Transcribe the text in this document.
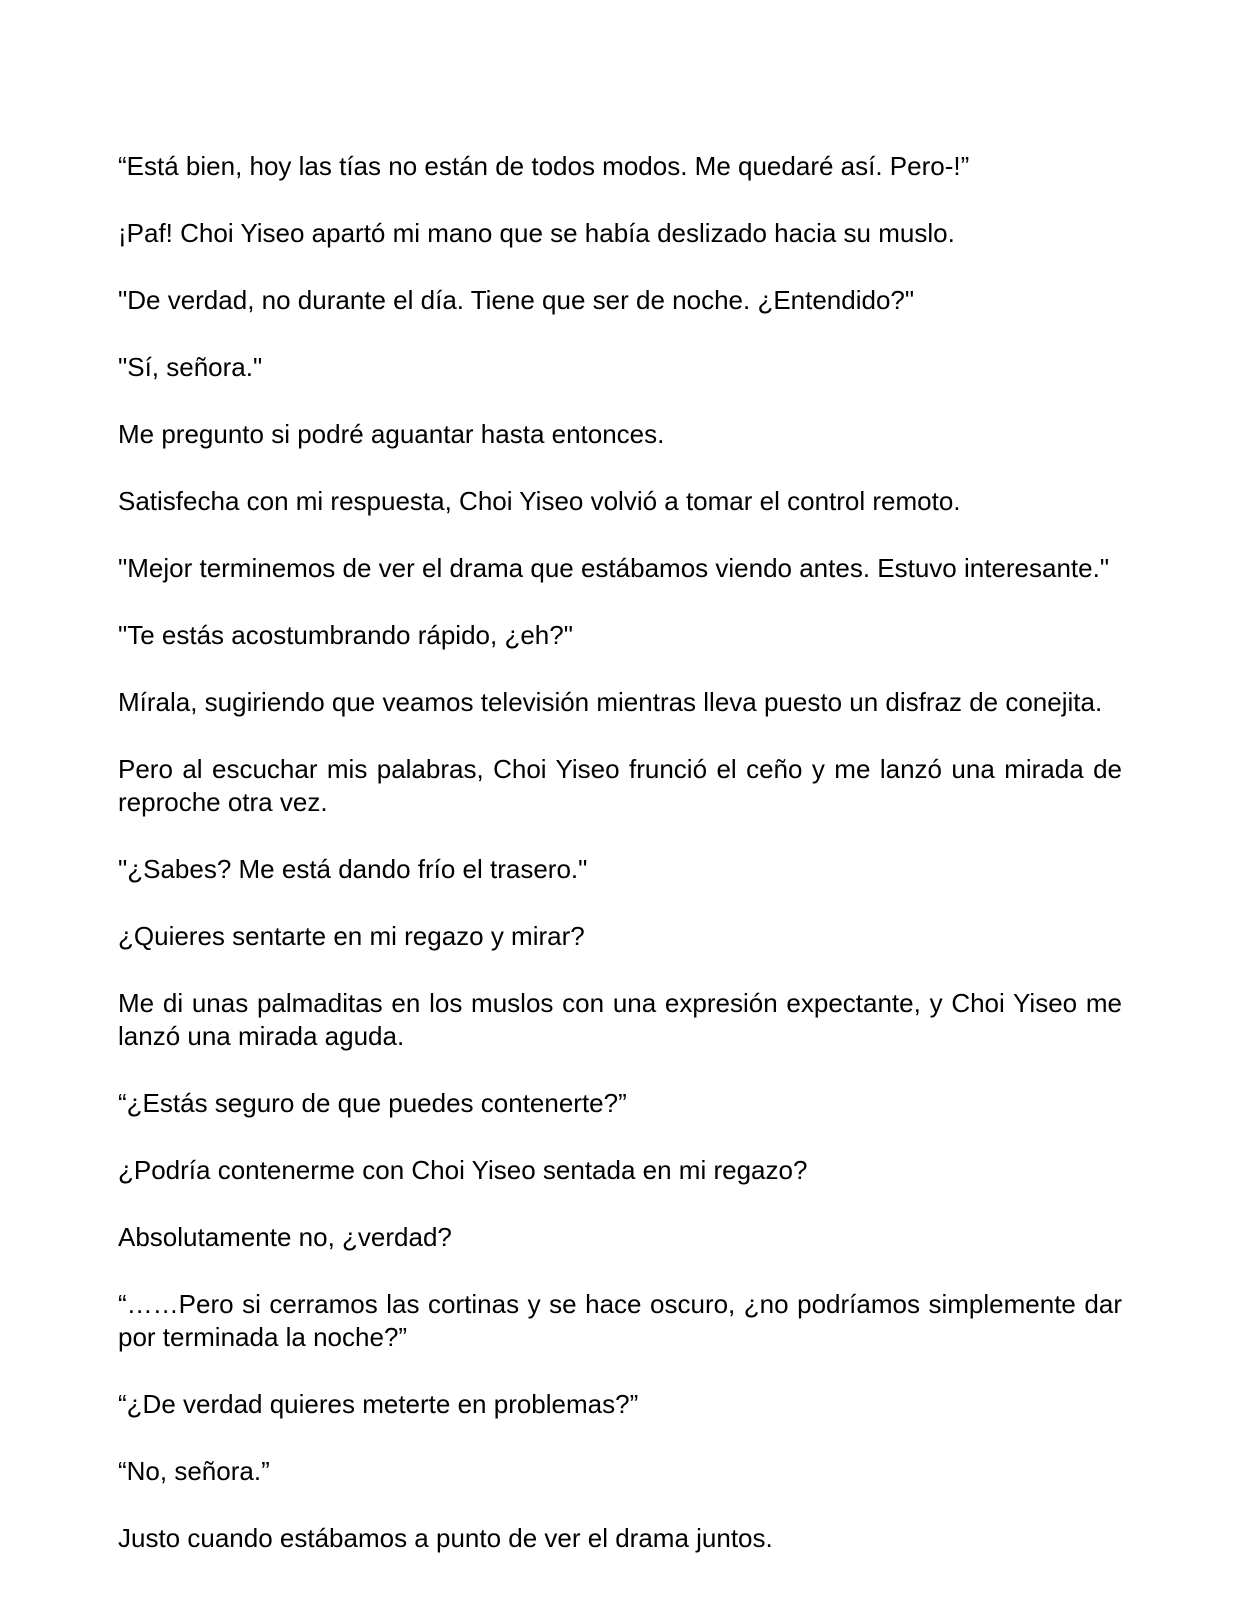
“Está bien, hoy las tías no están de todos modos. Me quedaré así. Pero-!”

¡Paf! Choi Yiseo apartó mi mano que se había deslizado hacia su muslo.

"De verdad, no durante el día. Tiene que ser de noche. ¿Entendido?"

"Sí, señora."

Me pregunto si podré aguantar hasta entonces.

Satisfecha con mi respuesta, Choi Yiseo volvió a tomar el control remoto.

"Mejor terminemos de ver el drama que estábamos viendo antes. Estuvo interesante."

"Te estás acostumbrando rápido, ¿eh?"

Mírala, sugiriendo que veamos televisión mientras lleva puesto un disfraz de conejita.

Pero al escuchar mis palabras, Choi Yiseo frunció el ceño y me lanzó una mirada de reproche otra vez.

"¿Sabes? Me está dando frío el trasero."

¿Quieres sentarte en mi regazo y mirar?

Me di unas palmaditas en los muslos con una expresión expectante, y Choi Yiseo me lanzó una mirada aguda.

“¿Estás seguro de que puedes contenerte?”

¿Podría contenerme con Choi Yiseo sentada en mi regazo?

Absolutamente no, ¿verdad?

“……Pero si cerramos las cortinas y se hace oscuro, ¿no podríamos simplemente dar por terminada la noche?”

“¿De verdad quieres meterte en problemas?”

“No, señora.”

Justo cuando estábamos a punto de ver el drama juntos.
